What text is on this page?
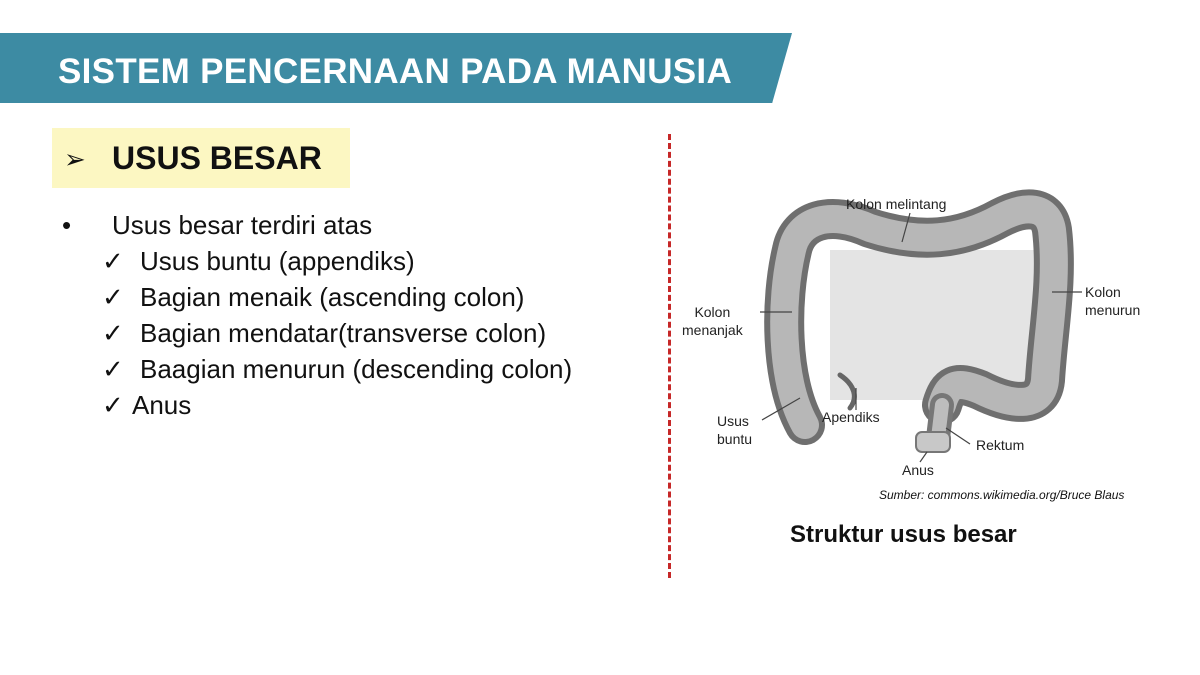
SISTEM PENCERNAAN PADA MANUSIA
➢ USUS BESAR
• Usus besar terdiri atas
✓ Usus buntu (appendiks)
✓ Bagian menaik (ascending colon)
✓ Bagian mendatar(transverse colon)
✓ Baagian menurun (descending colon)
✓ Anus
Kolon melintang
Kolon
menanjak
Kolon
menurun
Usus
buntu
Apendiks
Rektum
Anus
Sumber: commons.wikimedia.org/Bruce Blaus
Struktur usus besar
